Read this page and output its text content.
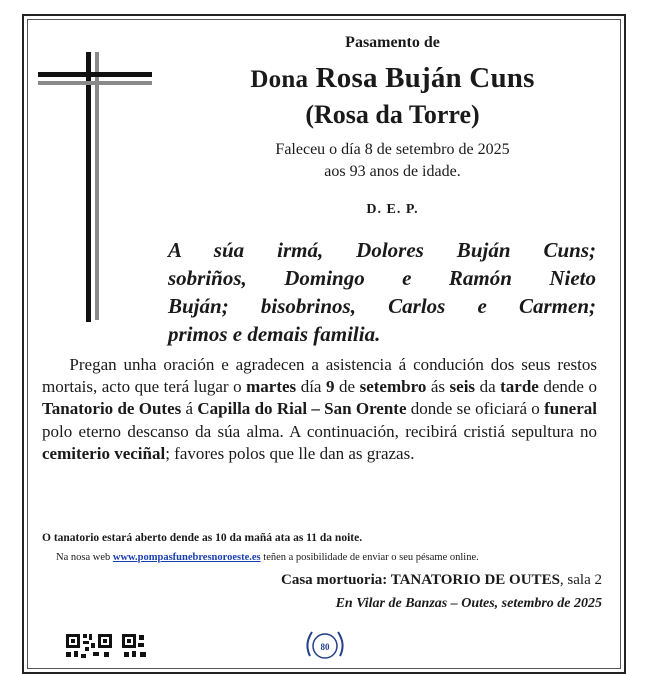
Pasamento de
Dona Rosa Buján Cuns
(Rosa da Torre)
Faleceu o día 8 de setembro de 2025
aos 93 anos de idade.
D. E. P.
A súa irmá, Dolores Buján Cuns;
sobriños, Domingo e Ramón Nieto
Buján; bisobrinos, Carlos e Carmen;
primos e demais familia.
Pregan unha oración e agradecen a asistencia á condución dos seus restos mortais, acto que terá lugar o martes día 9 de setembro ás seis da tarde dende o Tanatorio de Outes á Capilla do Rial – San Orente donde se oficiará o funeral polo eterno descanso da súa alma. A continuación, recibirá cristiá sepultura no cemiterio veciñal; favores polos que lle dan as grazas.
O tanatorio estará aberto dende as 10 da mañá ata as 11 da noite.
Na nosa web www.pompasfunebresnoroeste.es teñen a posibilidade de enviar o seu pésame online.
Casa mortuoria: TANATORIO DE OUTES, sala 2
En Vilar de Banzas – Outes, setembro de 2025
80
